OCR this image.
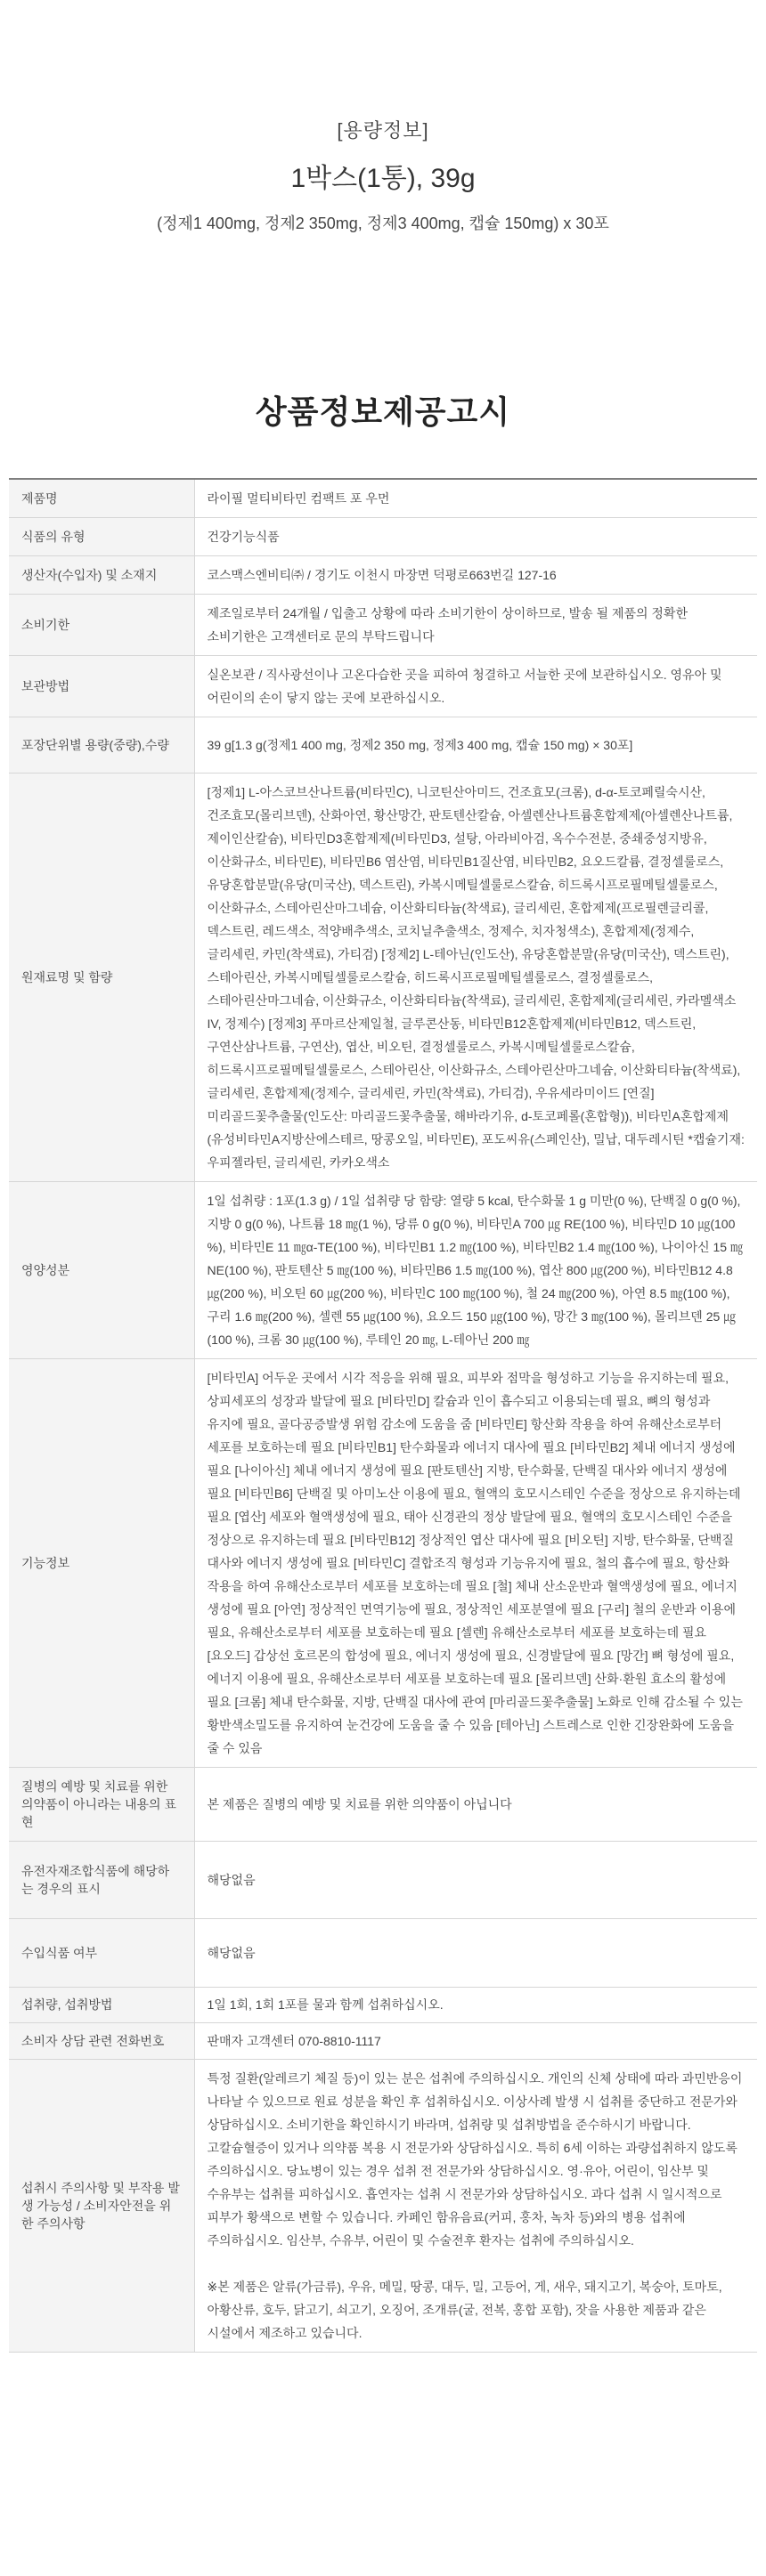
[용량정보]
1박스(1통), 39g
(정제1 400mg, 정제2 350mg, 정제3 400mg, 캡슐 150mg) x 30포
상품정보제공고시
제품명	라이필 멀티비타민 컴팩트 포 우먼
식품의 유형	건강기능식품
생산자(수입자) 및 소재지	코스맥스엔비티㈜ / 경기도 이천시 마장면 덕평로663번길 127-16
소비기한	제조일로부터 24개월 / 입출고 상황에 따라 소비기한이 상이하므로, 발송 될 제품의 정확한 소비기한은 고객센터로 문의 부탁드립니다
보관방법	실온보관 / 직사광선이나 고온다습한 곳을 피하여 청결하고 서늘한 곳에 보관하십시오. 영유아 및 어린이의 손이 닿지 않는 곳에 보관하십시오.
포장단위별 용량(중량),수량	39 g[1.3 g(정제1 400 mg, 정제2 350 mg, 정제3 400 mg, 캡슐 150 mg) × 30포]
원재료명 및 함량	[정제1] L-아스코브산나트륨(비타민C), 니코틴산아미드, 건조효모(크롬), d-α-토코페릴숙시산, 건조효모(몰리브덴), 산화아연, 황산망간, 판토텐산칼슘, 아셀렌산나트륨혼합제제(아셀렌산나트륨, 제이인산칼슘), 비타민D3혼합제제(비타민D3, 설탕, 아라비아검, 옥수수전분, 중쇄중성지방유, 이산화규소, 비타민E), 비타민B6 염산염, 비타민B1질산염, 비타민B2, 요오드칼륨, 결정셀룰로스, 유당혼합분말(유당(미국산), 덱스트린), 카복시메틸셀룰로스칼슘, 히드록시프로필메틸셀룰로스, 이산화규소, 스테아린산마그네슘, 이산화티타늄(착색료), 글리세린, 혼합제제(프로필렌글리콜, 덱스트린, 레드색소, 적양배추색소, 코치닐추출색소, 정제수, 치자청색소), 혼합제제(정제수, 글리세린, 카민(착색료), 가티검) [정제2] L-테아닌(인도산), 유당혼합분말(유당(미국산), 덱스트린), 스테아린산, 카복시메틸셀룰로스칼슘, 히드록시프로필메틸셀룰로스, 결정셀룰로스, 스테아린산마그네슘, 이산화규소, 이산화티타늄(착색료), 글리세린, 혼합제제(글리세린, 카라멜색소 IV, 정제수) [정제3] 푸마르산제일철, 글루콘산동, 비타민B12혼합제제(비타민B12, 덱스트린, 구연산삼나트륨, 구연산), 엽산, 비오틴, 결정셀룰로스, 카복시메틸셀룰로스칼슘, 히드록시프로필메틸셀룰로스, 스테아린산, 이산화규소, 스테아린산마그네슘, 이산화티타늄(착색료), 글리세린, 혼합제제(정제수, 글리세린, 카민(착색료), 가티검), 우유세라미이드 [연질] 미리골드꽃추출물(인도산: 마리골드꽃추출물, 해바라기유, d-토코페롤(혼합형)), 비타민A혼합제제(유성비타민A지방산에스테르, 땅콩오일, 비타민E), 포도씨유(스페인산), 밀납, 대두레시틴 *캡슐기재: 우피젤라틴, 글리세린, 카카오색소
영양성분	1일 섭취량 : 1포(1.3 g) / 1일 섭취량 당 함량: 열량 5 kcal, 탄수화물 1 g 미만(0 %), 단백질 0 g(0 %), 지방 0 g(0 %), 나트륨 18 ㎎(1 %), 당류 0 g(0 %), 비타민A 700 ㎍ RE(100 %), 비타민D 10 ㎍(100 %), 비타민E 11 ㎎α-TE(100 %), 비타민B1 1.2 ㎎(100 %), 비타민B2 1.4 ㎎(100 %), 나이아신 15 ㎎ NE(100 %), 판토텐산 5 ㎎(100 %), 비타민B6 1.5 ㎎(100 %), 엽산 800 ㎍(200 %), 비타민B12 4.8 ㎍(200 %), 비오틴 60 ㎍(200 %), 비타민C 100 ㎎(100 %), 철 24 ㎎(200 %), 아연 8.5 ㎎(100 %), 구리 1.6 ㎎(200 %), 셀렌 55 ㎍(100 %), 요오드 150 ㎍(100 %), 망간 3 ㎎(100 %), 몰리브덴 25 ㎍(100 %), 크롬 30 ㎍(100 %), 루테인 20 ㎎, L-테아닌 200 ㎎
기능정보	[비타민A] 어두운 곳에서 시각 적응을 위해 필요, 피부와 점막을 형성하고 기능을 유지하는데 필요, 상피세포의 성장과 발달에 필요 [비타민D] 칼슘과 인이 흡수되고 이용되는데 필요, 뼈의 형성과 유지에 필요, 골다공증발생 위험 감소에 도움을 줌 [비타민E] 항산화 작용을 하여 유해산소로부터 세포를 보호하는데 필요 [비타민B1] 탄수화물과 에너지 대사에 필요 [비타민B2] 체내 에너지 생성에 필요 [나이아신] 체내 에너지 생성에 필요 [판토텐산] 지방, 탄수화물, 단백질 대사와 에너지 생성에 필요 [비타민B6] 단백질 및 아미노산 이용에 필요, 혈액의 호모시스테인 수준을 정상으로 유지하는데 필요 [엽산] 세포와 혈액생성에 필요, 태아 신경관의 정상 발달에 필요, 혈액의 호모시스테인 수준을 정상으로 유지하는데 필요 [비타민B12] 정상적인 엽산 대사에 필요 [비오틴] 지방, 탄수화물, 단백질 대사와 에너지 생성에 필요 [비타민C] 결합조직 형성과 기능유지에 필요, 철의 흡수에 필요, 항산화 작용을 하여 유해산소로부터 세포를 보호하는데 필요 [철] 체내 산소운반과 혈액생성에 필요, 에너지 생성에 필요 [아연] 정상적인 면역기능에 필요, 정상적인 세포분열에 필요 [구리] 철의 운반과 이용에 필요, 유해산소로부터 세포를 보호하는데 필요 [셀렌] 유해산소로부터 세포를 보호하는데 필요 [요오드] 갑상선 호르몬의 합성에 필요, 에너지 생성에 필요, 신경발달에 필요 [망간] 뼈 형성에 필요, 에너지 이용에 필요, 유해산소로부터 세포를 보호하는데 필요 [몰리브덴] 산화·환원 효소의 활성에 필요 [크롬] 체내 탄수화물, 지방, 단백질 대사에 관여 [마리골드꽃추출물] 노화로 인해 감소될 수 있는 황반색소밀도를 유지하여 눈건강에 도움을 줄 수 있음 [테아닌] 스트레스로 인한 긴장완화에 도움을 줄 수 있음
질병의 예방 및 치료를 위한 의약품이 아니라는 내용의 표현	본 제품은 질병의 예방 및 치료를 위한 의약품이 아닙니다
유전자재조합식품에 해당하는 경우의 표시	해당없음
수입식품 여부	해당없음
섭취량, 섭취방법	1일 1회, 1회 1포를 물과 함께 섭취하십시오.
소비자 상담 관련 전화번호	판매자 고객센터 070-8810-1117
섭취시 주의사항 및 부작용 발생 가능성 / 소비자안전을 위한 주의사항	특정 질환(알레르기 체질 등)이 있는 분은 섭취에 주의하십시오. 개인의 신체 상태에 따라 과민반응이 나타날 수 있으므로 원료 성분을 확인 후 섭취하십시오. 이상사례 발생 시 섭취를 중단하고 전문가와 상담하십시오. 소비기한을 확인하시기 바라며, 섭취량 및 섭취방법을 준수하시기 바랍니다. 고칼슘혈증이 있거나 의약품 복용 시 전문가와 상담하십시오. 특히 6세 이하는 과량섭취하지 않도록 주의하십시오. 당뇨병이 있는 경우 섭취 전 전문가와 상담하십시오. 영·유아, 어린이, 임산부 및 수유부는 섭취를 피하십시오. 흡연자는 섭취 시 전문가와 상담하십시오. 과다 섭취 시 일시적으로 피부가 황색으로 변할 수 있습니다. 카페인 함유음료(커피, 홍차, 녹차 등)와의 병용 섭취에 주의하십시오. 임산부, 수유부, 어린이 및 수술전후 환자는 섭취에 주의하십시오.
※본 제품은 알류(가금류), 우유, 메밀, 땅콩, 대두, 밀, 고등어, 게, 새우, 돼지고기, 복숭아, 토마토, 아황산류, 호두, 닭고기, 쇠고기, 오징어, 조개류(굴, 전복, 홍합 포함), 잣을 사용한 제품과 같은 시설에서 제조하고 있습니다.
